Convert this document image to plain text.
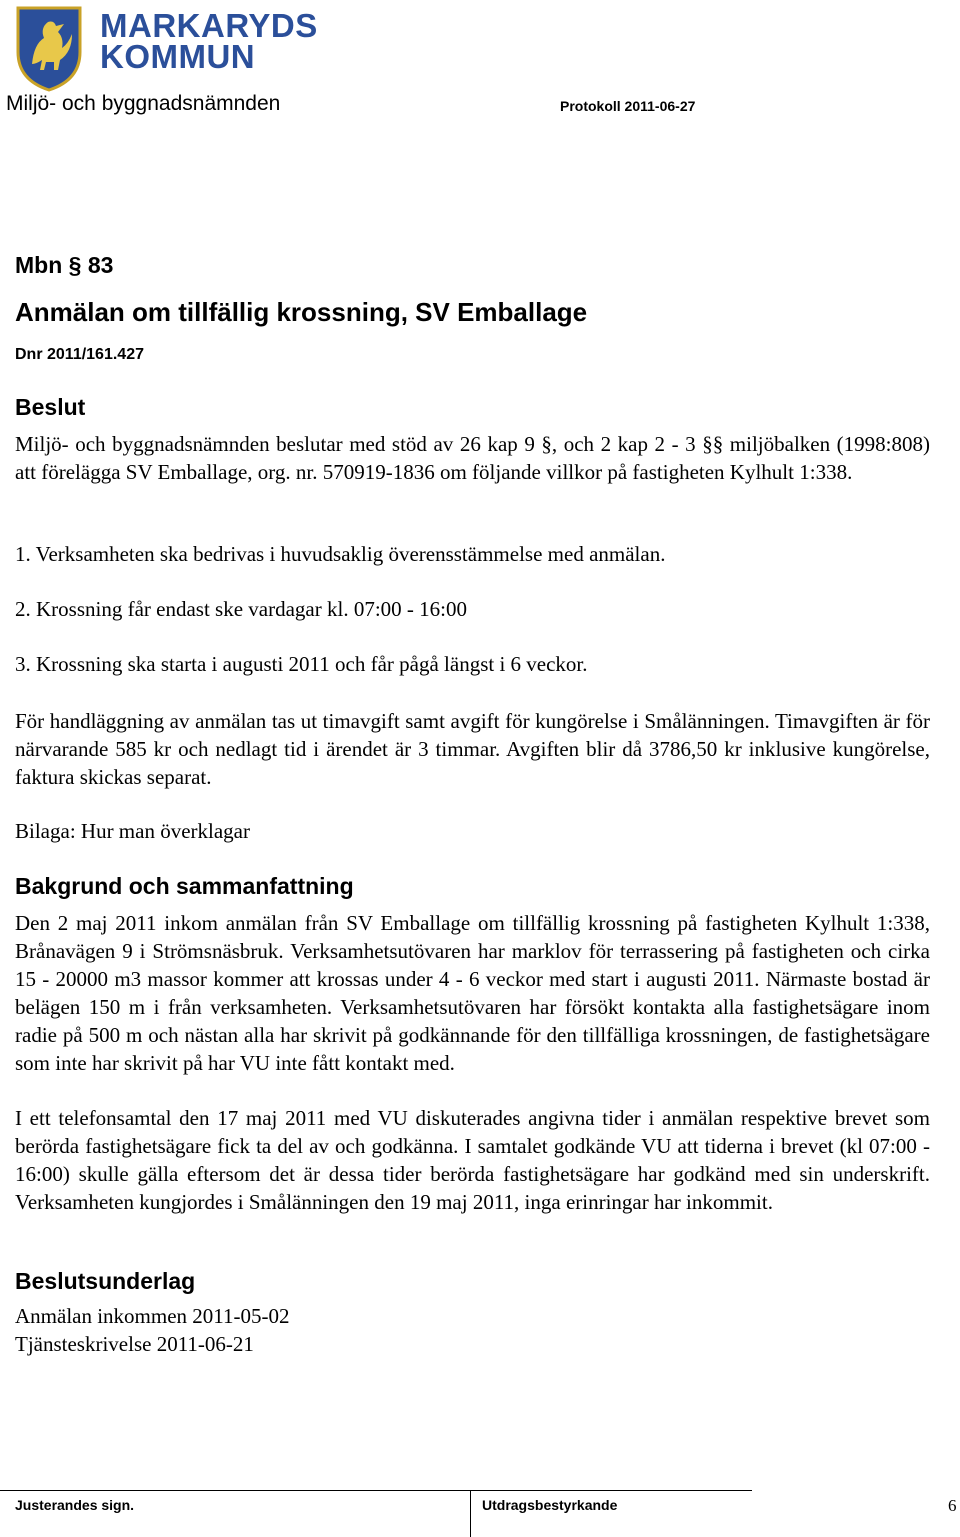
MARKARYDS
KOMMUN
Miljö- och byggnadsnämnden	Protokoll 2011-06-27
Mbn § 83
Anmälan om tillfällig krossning, SV Emballage
Dnr 2011/161.427
Beslut
Miljö- och byggnadsnämnden beslutar med stöd av 26 kap 9 §, och 2 kap 2 - 3 §§ miljöbalken (1998:808) att förelägga SV Emballage, org. nr. 570919-1836 om följande villkor på fastigheten Kylhult 1:338.
1. Verksamheten ska bedrivas i huvudsaklig överensstämmelse med anmälan.
2. Krossning får endast ske vardagar kl. 07:00 - 16:00
3. Krossning ska starta i augusti 2011 och får pågå längst i 6 veckor.
För handläggning av anmälan tas ut timavgift samt avgift för kungörelse i Smålänningen. Timavgiften är för närvarande 585 kr och nedlagt tid i ärendet är 3 timmar. Avgiften blir då 3786,50 kr inklusive kungörelse, faktura skickas separat.
Bilaga: Hur man överklagar
Bakgrund och sammanfattning
Den 2 maj 2011 inkom anmälan från SV Emballage om tillfällig krossning på fastigheten Kylhult 1:338, Brånavägen 9 i Strömsnäsbruk. Verksamhetsutövaren har marklov för terrassering på fastigheten och cirka 15 - 20000 m3 massor kommer att krossas under 4 - 6 veckor med start i augusti 2011. Närmaste bostad är belägen 150 m i från verksamheten. Verksamhetsutövaren har försökt kontakta alla fastighetsägare inom radie på 500 m och nästan alla har skrivit på godkännande för den tillfälliga krossningen, de fastighetsägare som inte har skrivit på har VU inte fått kontakt med.
I ett telefonsamtal den 17 maj 2011 med VU diskuterades angivna tider i anmälan respektive brevet som berörda fastighetsägare fick ta del av och godkänna. I samtalet godkände VU att tiderna i brevet (kl 07:00 - 16:00) skulle gälla eftersom det är dessa tider berörda fastighetsägare har godkänd med sin underskrift. Verksamheten kungjordes i Smålänningen den 19 maj 2011, inga erinringar har inkommit.
Beslutsunderlag
Anmälan inkommen 2011-05-02
Tjänsteskrivelse 2011-06-21
Justerandes sign.	Utdragsbestyrkande	6
